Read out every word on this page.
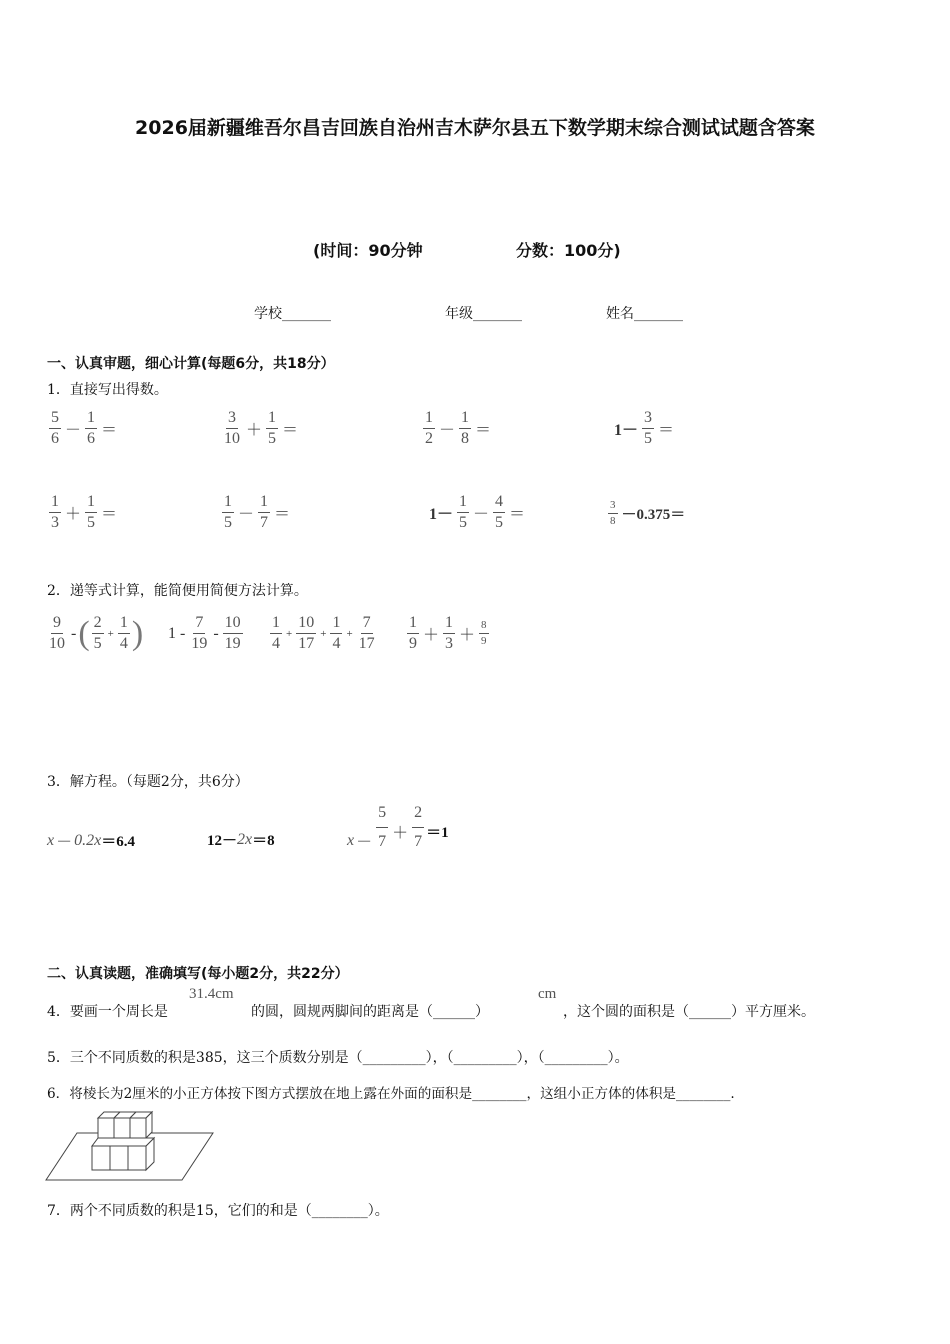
2026届新疆维吾尔昌吉回族自治州吉木萨尔县五下数学期末综合测试试题含答案
(时间：90分钟	分数：100分)
学校_______	年级_______	姓名_______
一、认真审题，细心计算(每题6分，共18分）
1．直接写出得数。
$\frac{5}{6} - \frac{1}{6}$ ＝	$\frac{3}{10} + \frac{1}{5}$ ＝	$\frac{1}{2} - \frac{1}{8}$ ＝	$1- \frac{3}{5}$ ＝
$\frac{1}{3} + \frac{1}{5}$ ＝	$\frac{1}{5} - \frac{1}{7}$ ＝	$1- \frac{1}{5} - \frac{4}{5}$ ＝	$\frac{3}{8} -0.375=$
2．递等式计算，能简便用简便方法计算。
$\frac{9}{10}$ - ( $\frac{2}{5} + \frac{1}{4}$ ) $1 - \frac{7}{19} - \frac{10}{19} \frac{1}{4} + \frac{10}{17} + \frac{1}{4} + \frac{7}{17} \frac{1}{9} + \frac{1}{3} + \frac{8}{9}$
3．解方程。（每题2分，共6分）
x － 0.2x ＝6.4	12－ 2x ＝8	$x - \frac{5}{7} + \frac{2}{7} =1$
二、认真读题，准确填写(每小题2分，共22分）
4．要画一个周长是
31.4cm
的圆，圆规两脚间的距离是（______）
cm
，这个圆的面积是（______）平方厘米。
5．三个不同质数的积是385，这三个质数分别是（_________），（_________），（_________）。
6．将棱长为2厘米的小正方体按下图方式摆放在地上露在外面的面积是________，这组小正方体的体积是________.
7．两个不同质数的积是15，它们的和是（________）。
